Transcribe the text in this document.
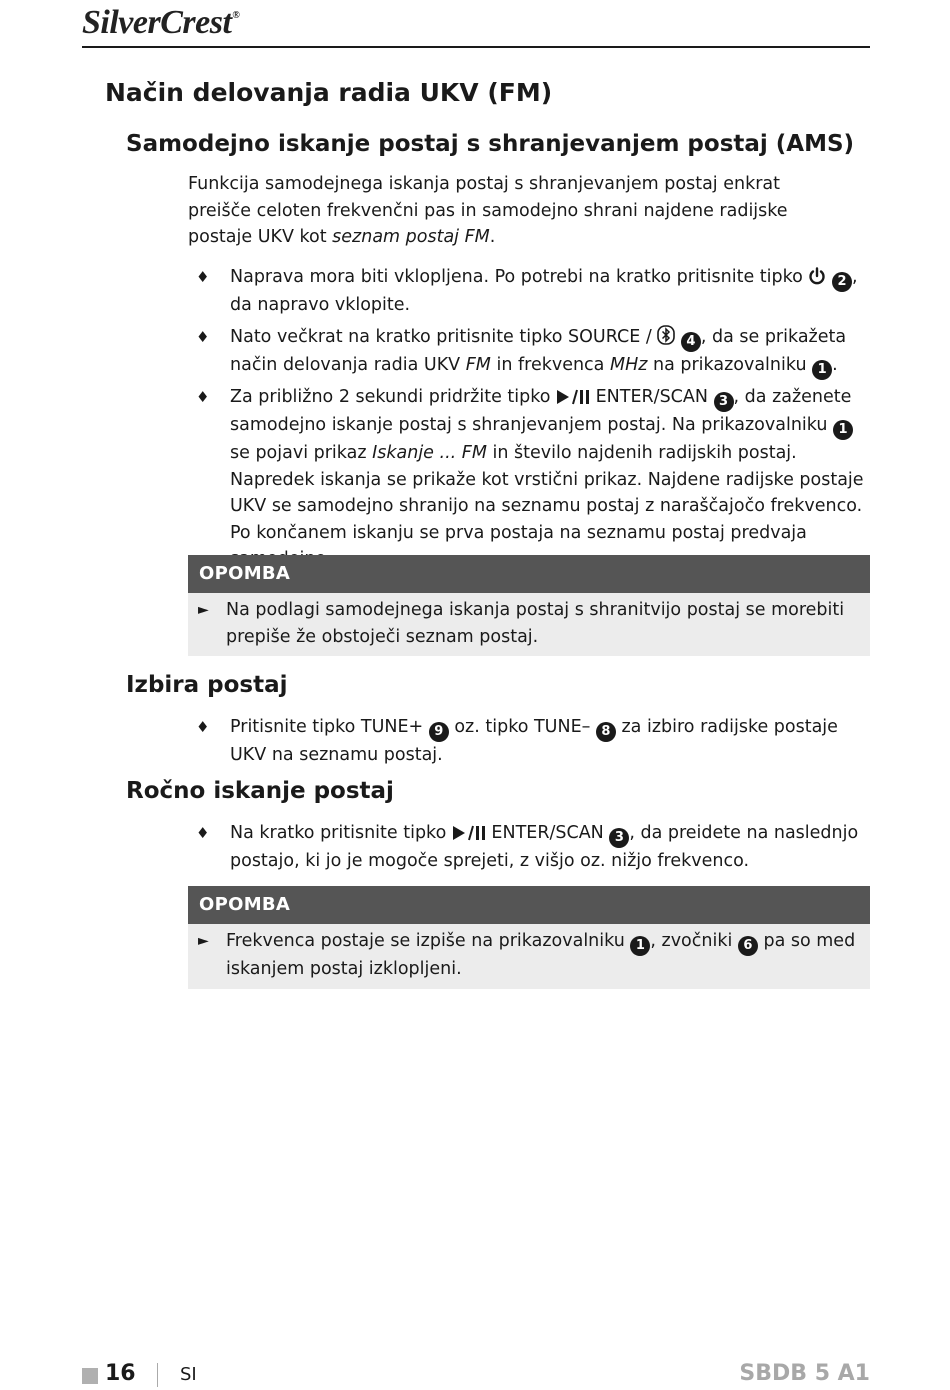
SilverCrest®
Način delovanja radia UKV (FM)
Samodejno iskanje postaj s shranjevanjem postaj (AMS)

Funkcija samodejnega iskanja postaj s shranjevanjem postaj enkrat preišče celoten frekvenčni pas in samodejno shrani najdene radijske postaje UKV kot seznam postaj FM.

♦	Naprava mora biti vklopljena. Po potrebi na kratko pritisnite tipko  2 , da napravo vklopite.
♦	Nato večkrat na kratko pritisnite tipko SOURCE /  4 , da se prikažeta način delovanja radia UKV FM in frekvenca MHz na prikazovalniku 1 .
♦	Za približno 2 sekundi pridržite tipko  ENTER/SCAN 3 , da zaženete samodejno iskanje postaj s shranjevanjem postaj. Na prikazovalniku 1 se pojavi prikaz Iskanje ... FM in število najdenih radijskih postaj. Napredek iskanja se prikaže kot vrstični prikaz. Najdene radijske postaje UKV se samodejno shranijo na seznamu postaj z naraščajočo frekvenco. Po končanem iskanju se prva postaja na seznamu postaj predvaja
OPOMBA
► Na podlagi samodejnega iskanja postaj s shranitvijo postaj se morebiti prepiše že obstoječi seznam postaj.
Izbira postaj
♦	Pritisnite tipko TUNE+ 9 oz. tipko TUNE– 8 za izbiro radijske postaje UKV na seznamu postaj.
Ročno iskanje postaj
♦	Na kratko pritisnite tipko  ENTER/SCAN 3 , da preidete na naslednjo postajo, ki jo je mogoče sprejeti, z višjo oz. nižjo frekvenco.
OPOMBA
► Frekvenca postaje se izpiše na prikazovalniku 1 , zvočniki 6 pa so med iskanjem postaj izklopljeni.
16 SI	SBDB 5 A1
